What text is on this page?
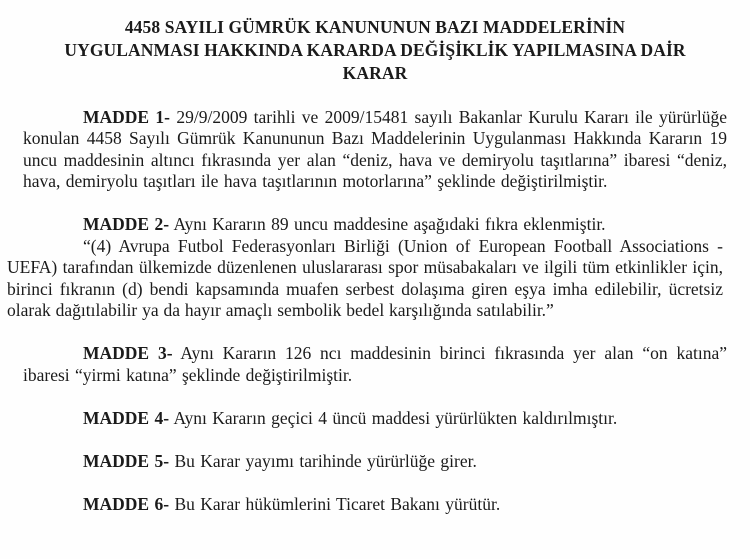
4458 SAYILI GÜMRÜK KANUNUNUN BAZI MADDELERİNİN
UYGULANMASI HAKKINDA KARARDA DEĞİŞİKLİK YAPILMASINA DAİR
KARAR

MADDE 1- 29/9/2009 tarihli ve 2009/15481 sayılı Bakanlar Kurulu Kararı ile yürürlüğe konulan 4458 Sayılı Gümrük Kanununun Bazı Maddelerinin Uygulanması Hakkında Kararın 19 uncu maddesinin altıncı fıkrasında yer alan “deniz, hava ve demiryolu taşıtlarına” ibaresi “deniz, hava, demiryolu taşıtları ile hava taşıtlarının motorlarına” şeklinde değiştirilmiştir.

MADDE 2- Aynı Kararın 89 uncu maddesine aşağıdaki fıkra eklenmiştir.

“(4) Avrupa Futbol Federasyonları Birliği (Union of European Football Associations - UEFA) tarafından ülkemizde düzenlenen uluslararası spor müsabakaları ve ilgili tüm etkinlikler için, birinci fıkranın (d) bendi kapsamında muafen serbest dolaşıma giren eşya imha edilebilir, ücretsiz olarak dağıtılabilir ya da hayır amaçlı sembolik bedel karşılığında satılabilir.”

MADDE 3- Aynı Kararın 126 ncı maddesinin birinci fıkrasında yer alan “on katına” ibaresi “yirmi katına” şeklinde değiştirilmiştir.

MADDE 4- Aynı Kararın geçici 4 üncü maddesi yürürlükten kaldırılmıştır.

MADDE 5- Bu Karar yayımı tarihinde yürürlüğe girer.

MADDE 6- Bu Karar hükümlerini Ticaret Bakanı yürütür.
